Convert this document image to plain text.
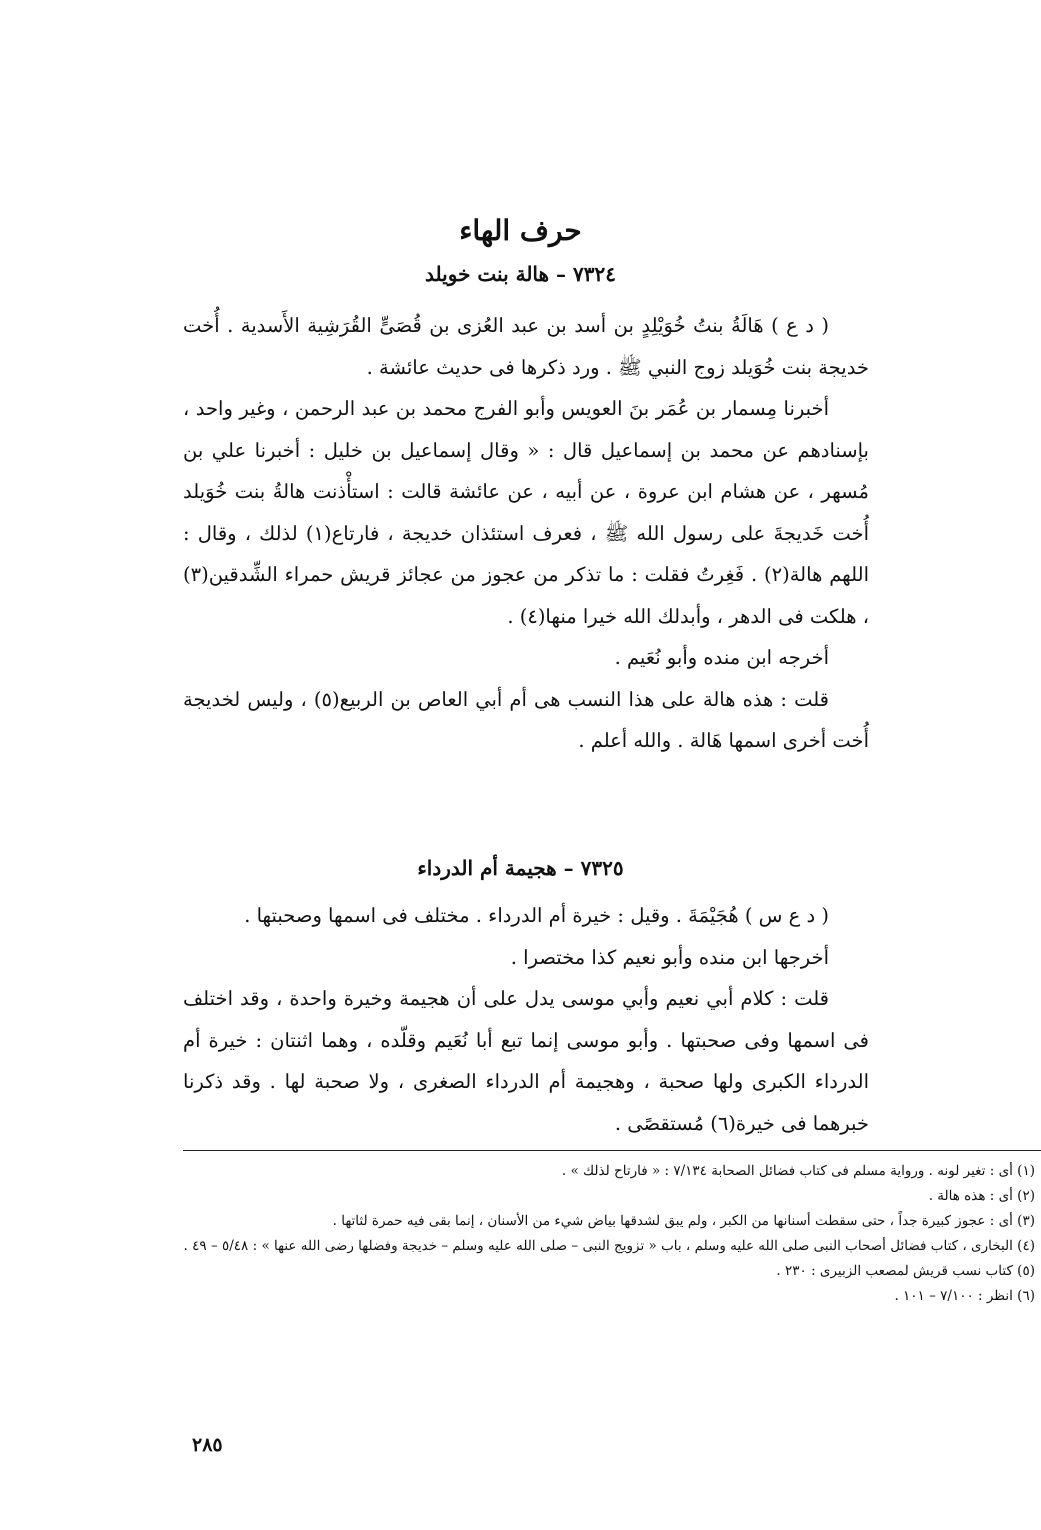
حرف الهاء
٧٣٢٤ – هالة بنت خويلد

( د ع ) هَالَةُ بنتُ خُوَيْلِدٍ بن أسد بن عبد العُزى بن قُصَىٍّ القُرَشِية الأَسدية . أُخت خديجة بنت خُوَيلد زوج النبي ﷺ . ورد ذكرها فى حديث عائشة .

أخبرنا مِسمار بن عُمَر بنَ العويس وأبو الفرج محمد بن عبد الرحمن ، وغير واحد ، بإسنادهم عن محمد بن إسماعيل قال : « وقال إسماعيل بن خليل : أخبرنا علي بن مُسهر ، عن هشام ابن عروة ، عن أبيه ، عن عائشة قالت : استأْذنت هالةُ بنت خُوَيلد أُخت خَديجةَ على رسول الله ﷺ ، فعرف استئذان خديجة ، فارتاع(١) لذلك ، وقال : اللهم هالة(٢) . فَغِرتُ فقلت : ما تذكر من عجوز من عجائز قريش حمراء الشِّدقين(٣) ، هلكت فى الدهر ، وأبدلك الله خيرا منها(٤) .

أخرجه ابن منده وأبو نُعَيم .

قلت : هذه هالة على هذا النسب هى أم أبي العاص بن الربيع(٥) ، وليس لخديجة أُخت أخرى اسمها هَالة . والله أعلم .

٧٣٢٥ – هجيمة أم الدرداء

( د ع س ) هُجَيْمَةَ . وقيل : خيرة أم الدرداء . مختلف فى اسمها وصحبتها .

أخرجها ابن منده وأبو نعيم كذا مختصرا .

قلت : كلام أبي نعيم وأبي موسى يدل على أن هجيمة وخيرة واحدة ، وقد اختلف فى اسمها وفى صحبتها . وأبو موسى إنما تبع أبا نُعَيم وقلّده ، وهما اثنتان : خيرة أم الدرداء الكبرى ولها صحبة ، وهجيمة أم الدرداء الصغرى ، ولا صحبة لها . وقد ذكرنا خبرهما فى خيرة(٦) مُستقصًى .

(١) أى : تغير لونه . ورواية مسلم فى كتاب فضائل الصحابة ٧/١٣٤ : « فارتاح لذلك » .

(٢) أى : هذه هالة .

(٣) أى : عجوز كبيرة جداً ، حتى سقطت أسنانها من الكبر ، ولم يبق لشدقها بياض شيء من الأسنان ، إنما بقى فيه حمرة لثاتها .

(٤) البخارى ، كتاب فضائل أصحاب النبى صلى الله عليه وسلم ، باب « تزويج النبى – صلى الله عليه وسلم – خديجة وفضلها رضى الله عنها » : ٥/٤٨ – ٤٩ .

(٥) كتاب نسب قريش لمصعب الزبيرى : ٢٣٠ .

(٦) انظر : ٧/١٠٠ – ١٠١ .

٢٨٥
